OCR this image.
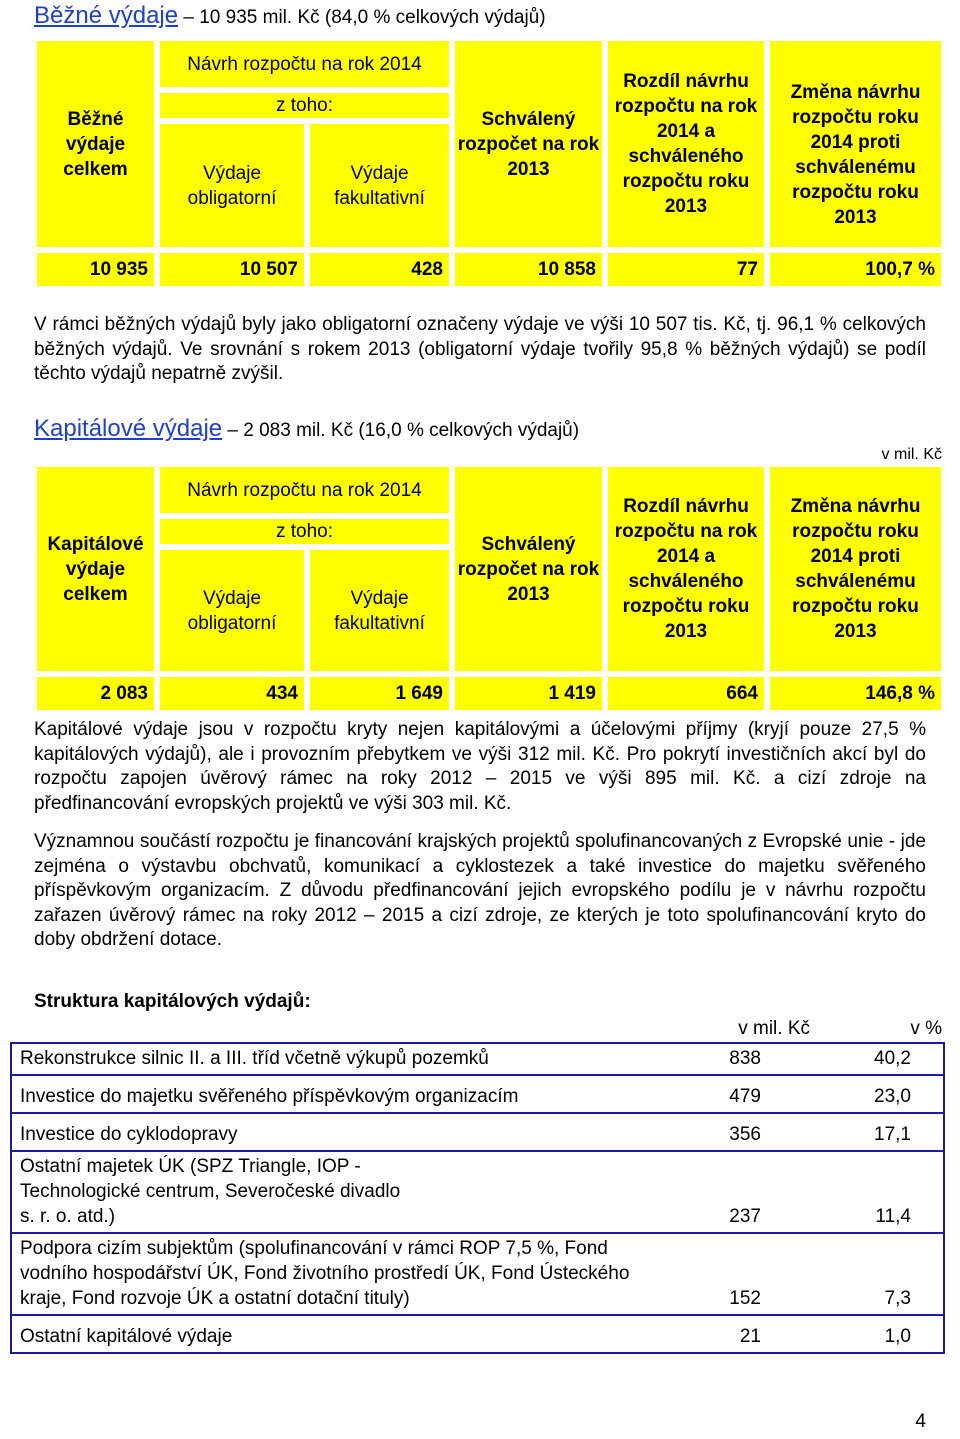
Běžné výdaje – 10 935 mil. Kč (84,0 % celkových výdajů)
Běžné výdaje celkem	Návrh rozpočtu na rok 2014		Schválený rozpočet na rok 2013	Rozdíl návrhu rozpočtu na rok 2014 a schváleného rozpočtu roku 2013	Změna návrhu rozpočtu roku 2014 proti schválenému rozpočtu roku 2013
	z toho:				
	Výdaje obligatorní	Výdaje fakultativní			
10 935	10 507	428	10 858	77	100,7 %
V rámci běžných výdajů byly jako obligatorní označeny výdaje ve výši 10 507 tis. Kč, tj. 96,1 % celkových běžných výdajů. Ve srovnání s rokem 2013 (obligatorní výdaje tvořily 95,8 % běžných výdajů) se podíl těchto výdajů nepatrně zvýšil.
Kapitálové výdaje – 2 083 mil. Kč (16,0 % celkových výdajů)
v mil. Kč
Kapitálové výdaje celkem	Návrh rozpočtu na rok 2014		Schválený rozpočet na rok 2013	Rozdíl návrhu rozpočtu na rok 2014 a schváleného rozpočtu roku 2013	Změna návrhu rozpočtu roku 2014 proti schválenému rozpočtu roku 2013
	z toho:				
	Výdaje obligatorní	Výdaje fakultativní			
2 083	434	1 649	1 419	664	146,8 %
Kapitálové výdaje jsou v rozpočtu kryty nejen kapitálovými a účelovými příjmy (kryjí pouze 27,5 % kapitálových výdajů), ale i provozním přebytkem ve výši 312 mil. Kč. Pro pokrytí investičních akcí byl do rozpočtu zapojen úvěrový rámec na roky 2012 – 2015 ve výši 895 mil. Kč. a cizí zdroje na předfinancování evropských projektů ve výši 303 mil. Kč.
Významnou součástí rozpočtu je financování krajských projektů spolufinancovaných z Evropské unie - jde zejména o výstavbu obchvatů, komunikací a cyklostezek a také investice do majetku svěřeného příspěvkovým organizacím. Z důvodu předfinancování jejich evropského podílu je v návrhu rozpočtu zařazen úvěrový rámec na roky 2012 – 2015 a cizí zdroje, ze kterých je toto spolufinancování kryto do doby obdržení dotace.
Struktura kapitálových výdajů:
v mil. Kč	v %
Rekonstrukce silnic II. a III. tříd včetně výkupů pozemků	838	40,2
Investice do majetku svěřeného příspěvkovým organizacím	479	23,0
Investice do cyklodopravy	356	17,1
Ostatní majetek ÚK (SPZ Triangle, IOP - Technologické centrum, Severočeské divadlo s. r. o. atd.)	237	11,4
Podpora cizím subjektům (spolufinancování v rámci ROP 7,5 %, Fond vodního hospodářství ÚK, Fond životního prostředí ÚK, Fond Ústeckého kraje, Fond rozvoje ÚK a ostatní dotační tituly)	152	7,3
Ostatní kapitálové výdaje	21	1,0
4
